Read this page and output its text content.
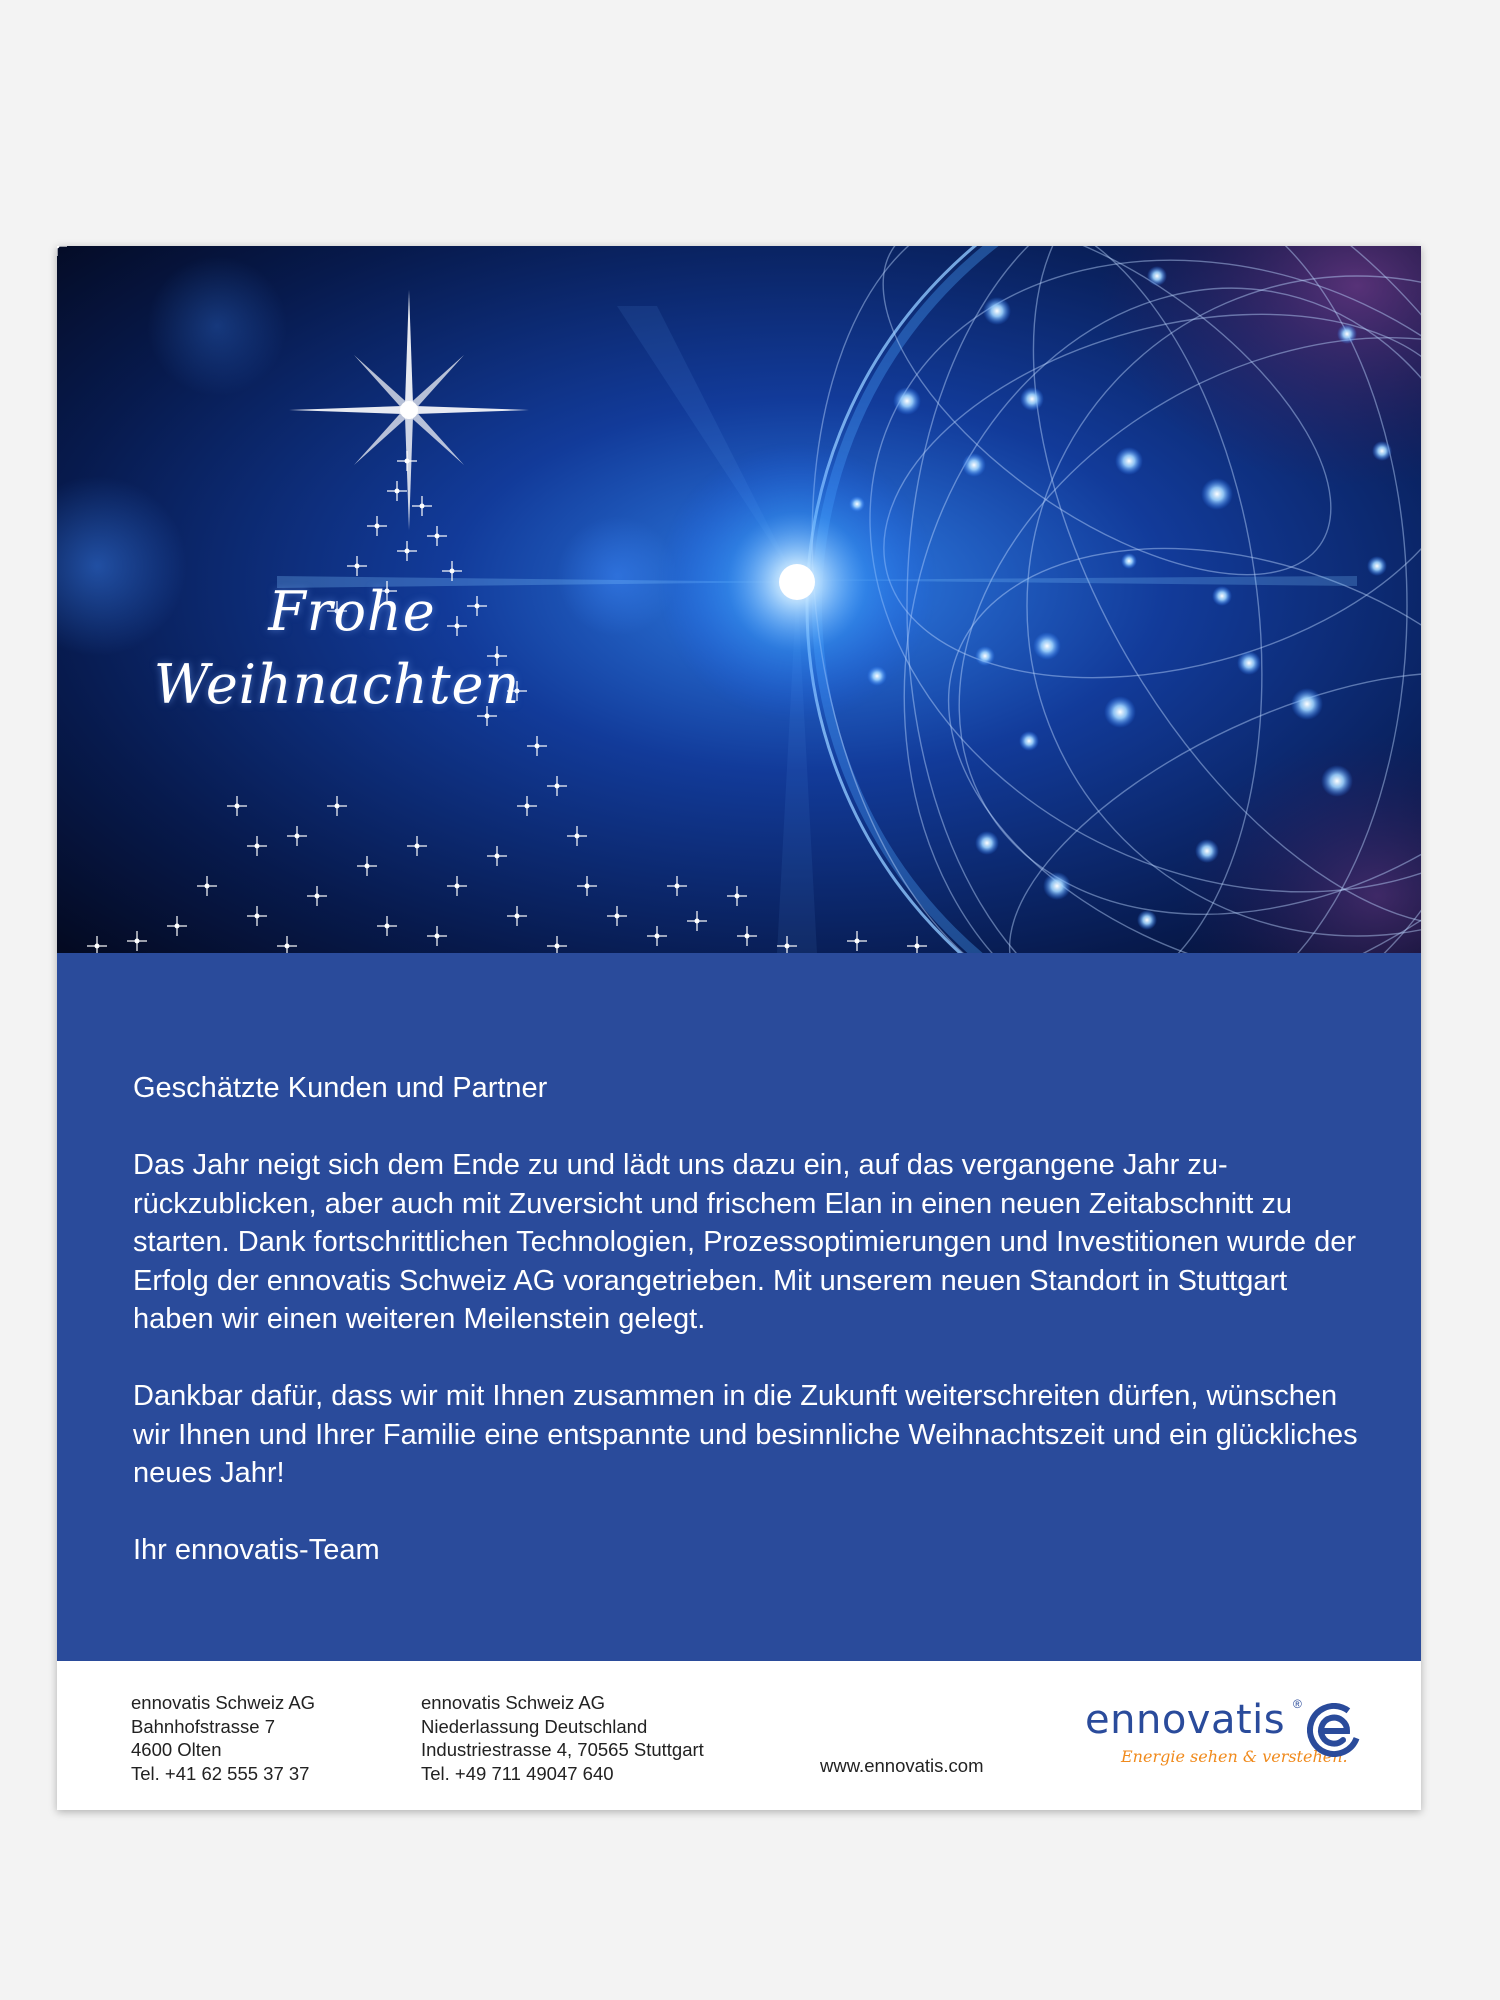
Frohe
Weihnachten

Geschätzte Kunden und Partner

Das Jahr neigt sich dem Ende zu und lädt uns dazu ein, auf das vergangene Jahr zurückzublicken, aber auch mit Zuversicht und frischem Elan in einen neuen Zeitabschnitt zu starten. Dank fortschrittlichen Technologien, Prozessoptimierungen und Investitionen wurde der Erfolg der ennovatis Schweiz AG vorangetrieben. Mit unserem neuen Standort in Stuttgart haben wir einen weiteren Meilenstein gelegt.

Dankbar dafür, dass wir mit Ihnen zusammen in die Zukunft weiterschreiten dürfen, wünschen wir Ihnen und Ihrer Familie eine entspannte und besinnliche Weihnachtszeit und ein glückliches neues Jahr!

Ihr ennovatis-Team

ennovatis Schweiz AG
Bahnhofstrasse 7
4600 Olten
Tel. +41 62 555 37 37
ennovatis Schweiz AG
Niederlassung Deutschland
Industriestrasse 4, 70565 Stuttgart
Tel. +49 711 49047 640	www.ennovatis.com
ennovatis ®
Energie sehen & verstehen.
